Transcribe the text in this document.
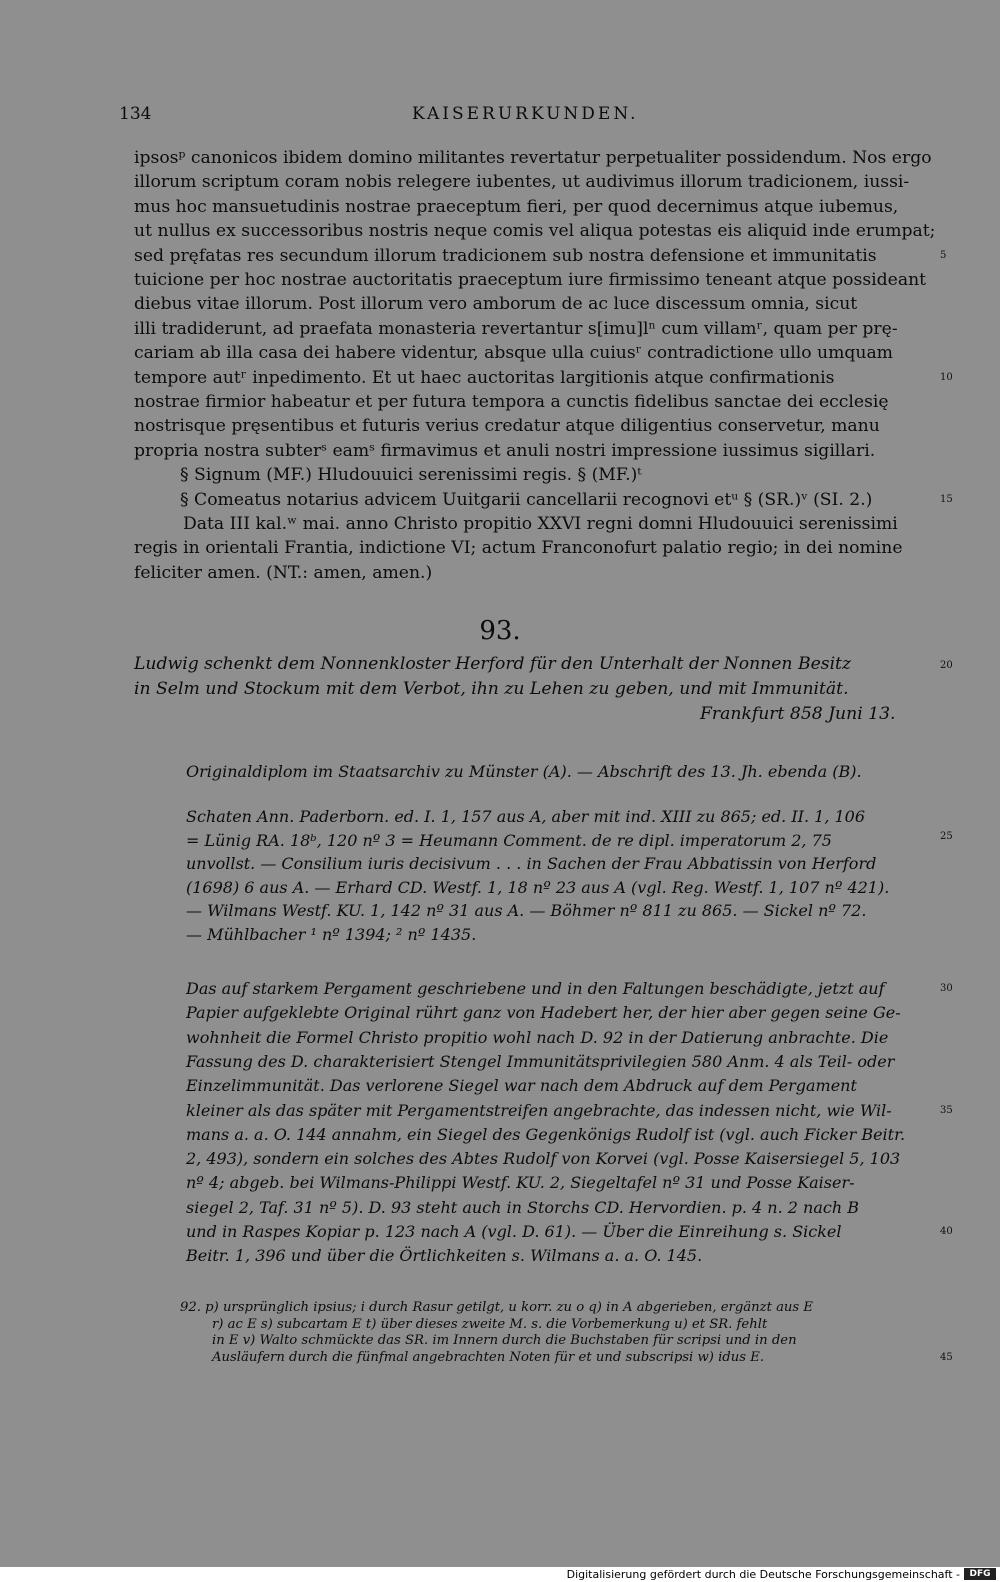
134	KAISERURKUNDEN.
ipsosᵖ canonicos ibidem domino militantes revertatur perpetualiter possidendum. Nos ergo
illorum scriptum coram nobis relegere iubentes, ut audivimus illorum tradicionem, iussi-
mus hoc mansuetudinis nostrae praeceptum fieri, per quod decernimus atque iubemus,
ut nullus ex successoribus nostris neque comis vel aliqua potestas eis aliquid inde erumpat;
sed pręfatas res secundum illorum tradicionem sub nostra defensione et immunitatis
tuicione per hoc nostrae auctoritatis praeceptum iure firmissimo teneant atque possideant
diebus vitae illorum. Post illorum vero amborum de ac luce discessum omnia, sicut
illi tradiderunt, ad praefata monasteria revertantur s[imu]lⁿ cum villamʳ, quam per prę-
cariam ab illa casa dei habere videntur, absque ulla cuiusʳ contradictione ullo umquam
tempore autʳ inpedimento. Et ut haec auctoritas largitionis atque confirmationis
nostrae firmior habeatur et per futura tempora a cunctis fidelibus sanctae dei ecclesię
nostrisque pręsentibus et futuris verius credatur atque diligentius conservetur, manu
propria nostra subterˢ eamˢ firmavimus et anuli nostri impressione iussimus sigillari.
§ Signum (MF.) Hludouuici serenissimi regis. § (MF.)ᵗ
§ Comeatus notarius advicem Uuitgarii cancellarii recognovi etᵘ § (SR.)ᵛ (SI. 2.)
Data III kal.ʷ mai. anno Christo propitio XXVI regni domni Hludouuici serenissimi
regis in orientali Frantia, indictione VI; actum Franconofurt palatio regio; in dei nomine
feliciter amen. (NT.: amen, amen.)
5
10
15
93.
Ludwig schenkt dem Nonnenkloster Herford für den Unterhalt der Nonnen Besitz
in Selm und Stockum mit dem Verbot, ihn zu Lehen zu geben, und mit Immunität.
Frankfurt 858 Juni 13.
20
Originaldiplom im Staatsarchiv zu Münster (A). — Abschrift des 13. Jh. ebenda (B).
Schaten Ann. Paderborn. ed. I. 1, 157 aus A, aber mit ind. XIII zu 865; ed. II. 1, 106
= Lünig RA. 18ᵇ, 120 nº 3 = Heumann Comment. de re dipl. imperatorum 2, 75
unvollst. — Consilium iuris decisivum . . . in Sachen der Frau Abbatissin von Herford
(1698) 6 aus A. — Erhard CD. Westf. 1, 18 nº 23 aus A (vgl. Reg. Westf. 1, 107 nº 421).
— Wilmans Westf. KU. 1, 142 nº 31 aus A. — Böhmer nº 811 zu 865. — Sickel nº 72.
— Mühlbacher ¹ nº 1394; ² nº 1435.
25
Das auf starkem Pergament geschriebene und in den Faltungen beschädigte, jetzt auf
Papier aufgeklebte Original rührt ganz von Hadebert her, der hier aber gegen seine Ge-
wohnheit die Formel Christo propitio wohl nach D. 92 in der Datierung anbrachte. Die
Fassung des D. charakterisiert Stengel Immunitätsprivilegien 580 Anm. 4 als Teil- oder
Einzelimmunität. Das verlorene Siegel war nach dem Abdruck auf dem Pergament
kleiner als das später mit Pergamentstreifen angebrachte, das indessen nicht, wie Wil-
mans a. a. O. 144 annahm, ein Siegel des Gegenkönigs Rudolf ist (vgl. auch Ficker Beitr.
2, 493), sondern ein solches des Abtes Rudolf von Korvei (vgl. Posse Kaisersiegel 5, 103
nº 4; abgeb. bei Wilmans-Philippi Westf. KU. 2, Siegeltafel nº 31 und Posse Kaiser-
siegel 2, Taf. 31 nº 5). D. 93 steht auch in Storchs CD. Hervordien. p. 4 n. 2 nach B
und in Raspes Kopiar p. 123 nach A (vgl. D. 61). — Über die Einreihung s. Sickel
Beitr. 1, 396 und über die Örtlichkeiten s. Wilmans a. a. O. 145.
30
35
40
92. p) ursprünglich ipsius; i durch Rasur getilgt, u korr. zu o q) in A abgerieben, ergänzt aus E
r) ac E s) subcartam E t) über dieses zweite M. s. die Vorbemerkung u) et SR. fehlt
in E v) Walto schmückte das SR. im Innern durch die Buchstaben für scripsi und in den
Ausläufern durch die fünfmal angebrachten Noten für et und subscripsi w) idus E.	45
Digitalisierung gefördert durch die Deutsche Forschungsgemeinschaft -	DFG
